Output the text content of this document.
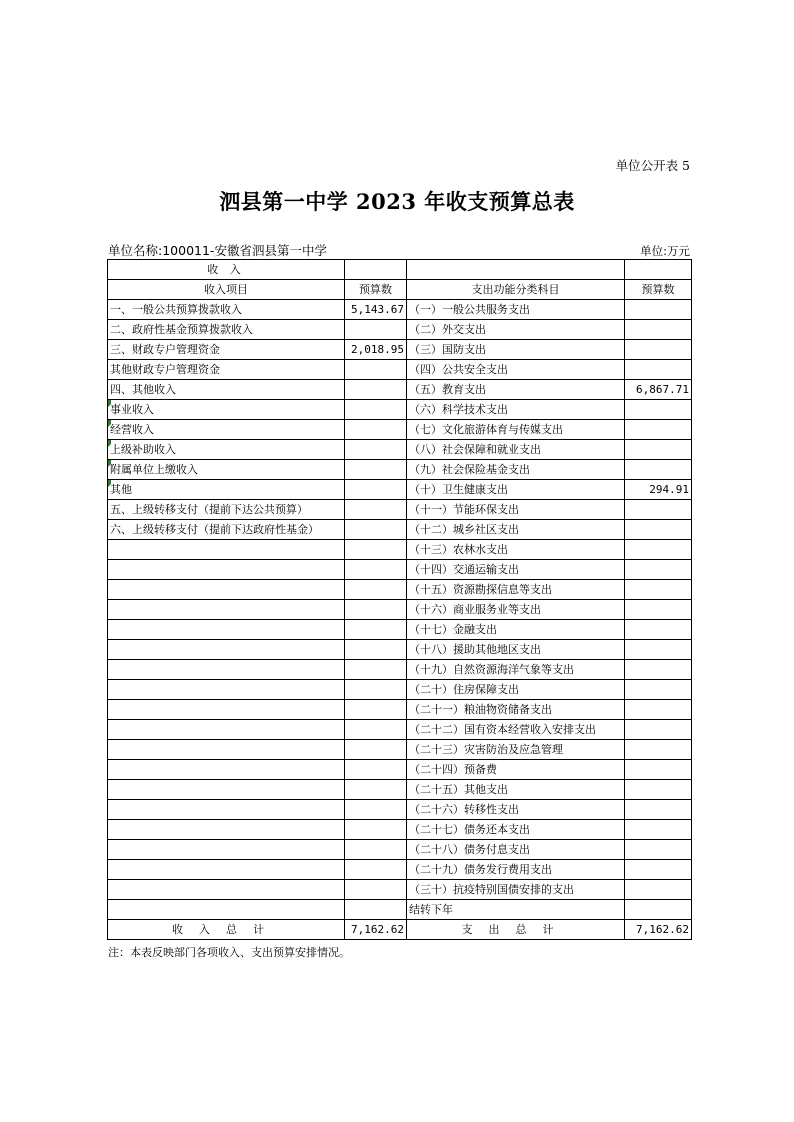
单位公开表 5
泗县第一中学 2023 年收支预算总表
单位名称:100011-安徽省泗县第一中学	单位:万元
收 入			
收入项目	预算数	支出功能分类科目	预算数
一、一般公共预算拨款收入	5,143.67	（一）一般公共服务支出	
二、政府性基金预算拨款收入		（二）外交支出	
三、财政专户管理资金	2,018.95	（三）国防支出	
其他财政专户管理资金		（四）公共安全支出	
四、其他收入		（五）教育支出	6,867.71
事业收入		（六）科学技术支出	
经营收入		（七）文化旅游体育与传媒支出	
上级补助收入		（八）社会保障和就业支出	
附属单位上缴收入		（九）社会保险基金支出	
其他		（十）卫生健康支出	294.91
五、上级转移支付（提前下达公共预算）		（十一）节能环保支出	
六、上级转移支付（提前下达政府性基金）		（十二）城乡社区支出	
		（十三）农林水支出	
		（十四）交通运输支出	
		（十五）资源勘探信息等支出	
		（十六）商业服务业等支出	
		（十七）金融支出	
		（十八）援助其他地区支出	
		（十九）自然资源海洋气象等支出	
		（二十）住房保障支出	
		（二十一）粮油物资储备支出	
		（二十二）国有资本经营收入安排支出	
		（二十三）灾害防治及应急管理	
		（二十四）预备费	
		（二十五）其他支出	
		（二十六）转移性支出	
		（二十七）债务还本支出	
		（二十八）债务付息支出	
		（二十九）债务发行费用支出	
		（三十）抗疫特别国债安排的支出	
		结转下年	
收入总计	7,162.62	支出总计	7,162.62
注：本表反映部门各项收入、支出预算安排情况。
